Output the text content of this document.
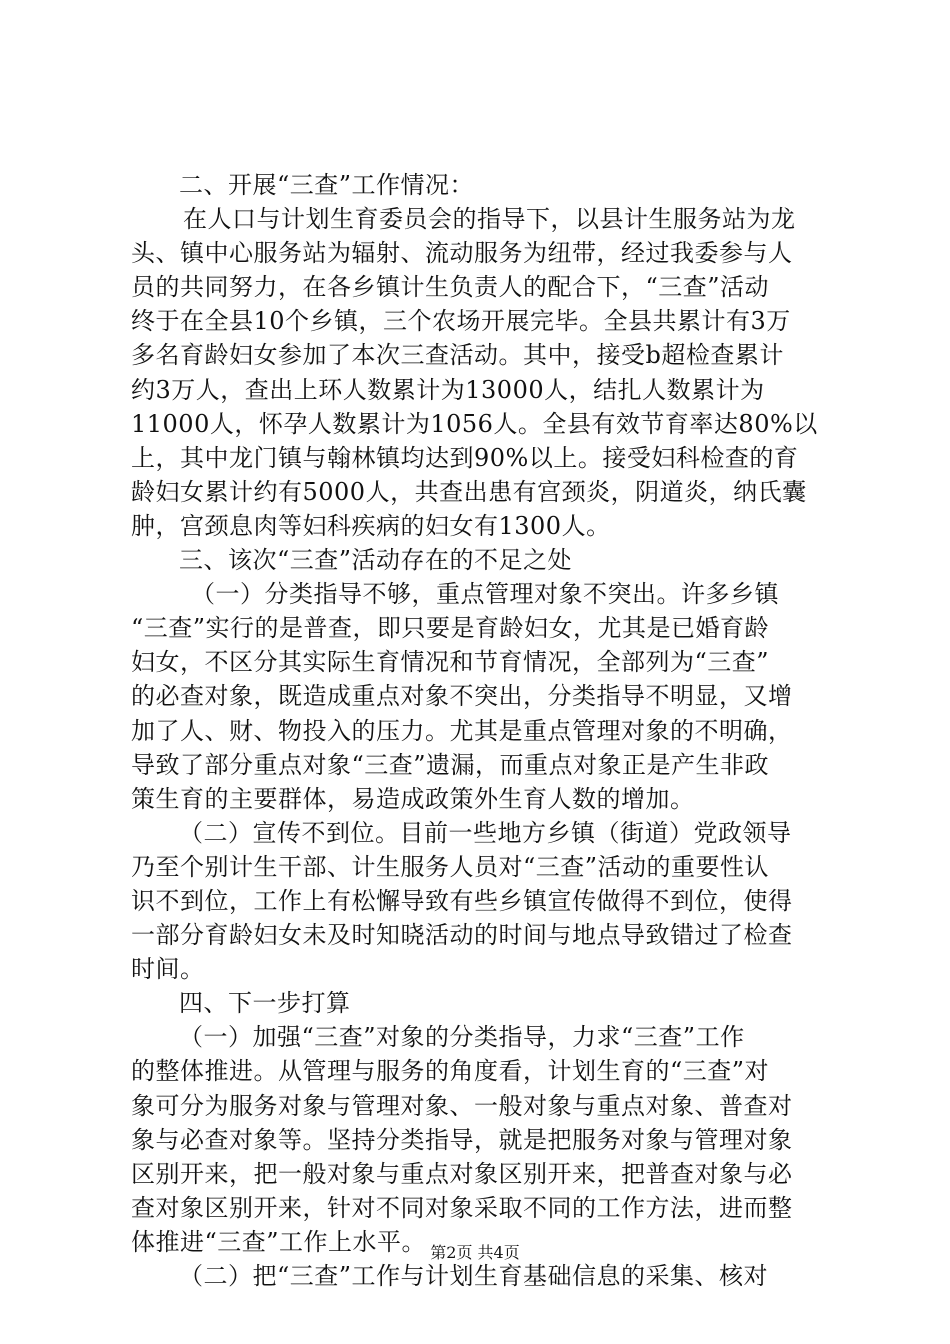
二、开展“三查”工作情况：
在人口与计划生育委员会的指导下，以县计生服务站为龙
头、镇中心服务站为辐射、流动服务为纽带，经过我委参与人
员的共同努力，在各乡镇计生负责人的配合下，“三查”活动
终于在全县10个乡镇，三个农场开展完毕。全县共累计有3万
多名育龄妇女参加了本次三查活动。其中，接受b超检查累计
约3万人，查出上环人数累计为13000人，结扎人数累计为
11000人，怀孕人数累计为1056人。全县有效节育率达80%以
上，其中龙门镇与翰林镇均达到90%以上。接受妇科检查的育
龄妇女累计约有5000人，共查出患有宫颈炎，阴道炎，纳氏囊
肿，宫颈息肉等妇科疾病的妇女有1300人。
三、该次“三查”活动存在的不足之处
（一）分类指导不够，重点管理对象不突出。许多乡镇
“三查”实行的是普查，即只要是育龄妇女，尤其是已婚育龄
妇女，不区分其实际生育情况和节育情况，全部列为“三查”
的必查对象，既造成重点对象不突出，分类指导不明显，又增
加了人、财、物投入的压力。尤其是重点管理对象的不明确，
导致了部分重点对象“三查”遗漏，而重点对象正是产生非政
策生育的主要群体，易造成政策外生育人数的增加。
（二）宣传不到位。目前一些地方乡镇（街道）党政领导
乃至个别计生干部、计生服务人员对“三查”活动的重要性认
识不到位，工作上有松懈导致有些乡镇宣传做得不到位，使得
一部分育龄妇女未及时知晓活动的时间与地点导致错过了检查
时间。
四、下一步打算
（一）加强“三查”对象的分类指导，力求“三查”工作
的整体推进。从管理与服务的角度看，计划生育的“三查”对
象可分为服务对象与管理对象、一般对象与重点对象、普查对
象与必查对象等。坚持分类指导，就是把服务对象与管理对象
区别开来，把一般对象与重点对象区别开来，把普查对象与必
查对象区别开来，针对不同对象采取不同的工作方法，进而整
体推进“三查”工作上水平。
（二）把“三查”工作与计划生育基础信息的采集、核对
第2页 共4页
